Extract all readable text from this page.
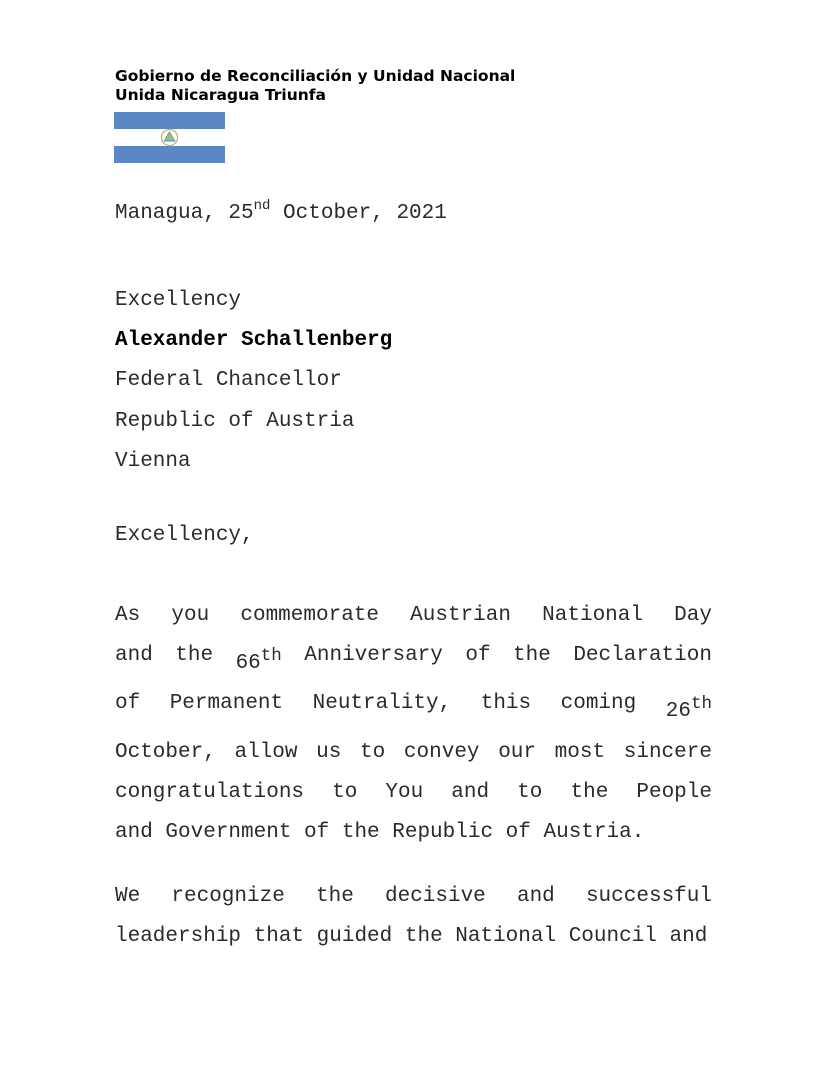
Gobierno de Reconciliación y Unidad Nacional
Unida Nicaragua Triunfa
Managua, 25nd October, 2021
Excellency
Alexander Schallenberg
Federal Chancellor
Republic of Austria
Vienna
Excellency,
As you commemorate Austrian National Day
and the 66th Anniversary of the Declaration
of Permanent Neutrality, this coming 26th
October, allow us to convey our most sincere
congratulations to You and to the People
and Government of the Republic of Austria.
We recognize the decisive and successful
leadership that guided the National Council and
